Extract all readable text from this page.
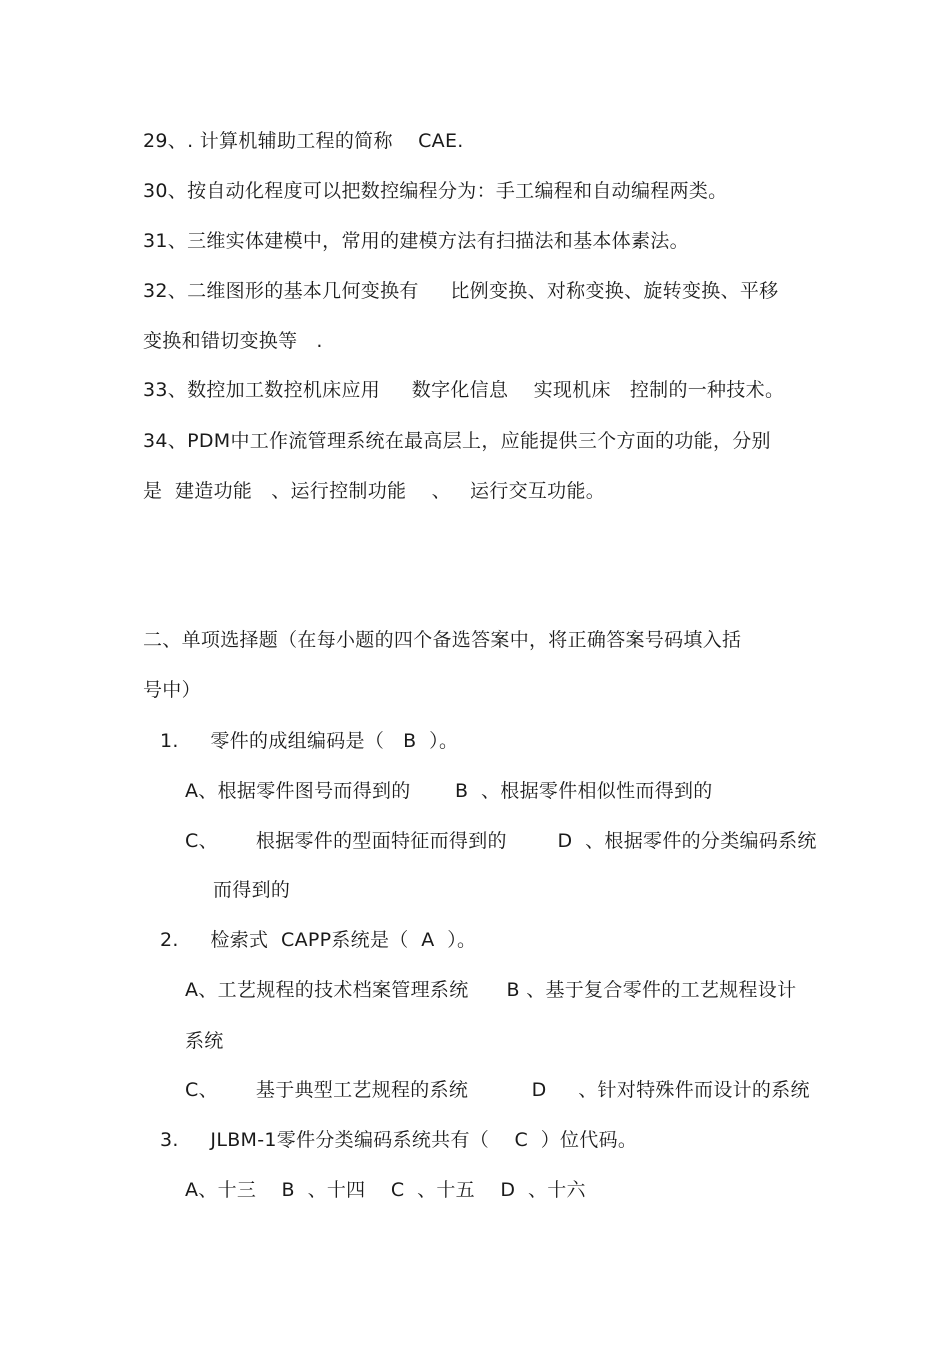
29、. 计算机辅助工程的简称    CAE.
30、按自动化程度可以把数控编程分为：手工编程和自动编程两类。
31、三维实体建模中，常用的建模方法有扫描法和基本体素法。
32、二维图形的基本几何变换有     比例变换、对称变换、旋转变换、平移
变换和错切变换等   .
33、数控加工数控机床应用     数字化信息    实现机床   控制的一种技术。
34、PDM中工作流管理系统在最高层上，应能提供三个方面的功能，分别
是  建造功能   、运行控制功能    、   运行交互功能。
二、单项选择题（在每小题的四个备选答案中，将正确答案号码填入括
号中）
1.     零件的成组编码是（   B  ）。
A、根据零件图号而得到的       B  、根据零件相似性而得到的
C、      根据零件的型面特征而得到的        D  、根据零件的分类编码系统
而得到的
2.     检索式  CAPP系统是（  A  ）。
A、工艺规程的技术档案管理系统      B 、基于复合零件的工艺规程设计
系统
C、      基于典型工艺规程的系统          D     、针对特殊件而设计的系统
3.     JLBM-1零件分类编码系统共有（    C  ）位代码。
A、十三    B  、十四    C  、十五    D  、十六
